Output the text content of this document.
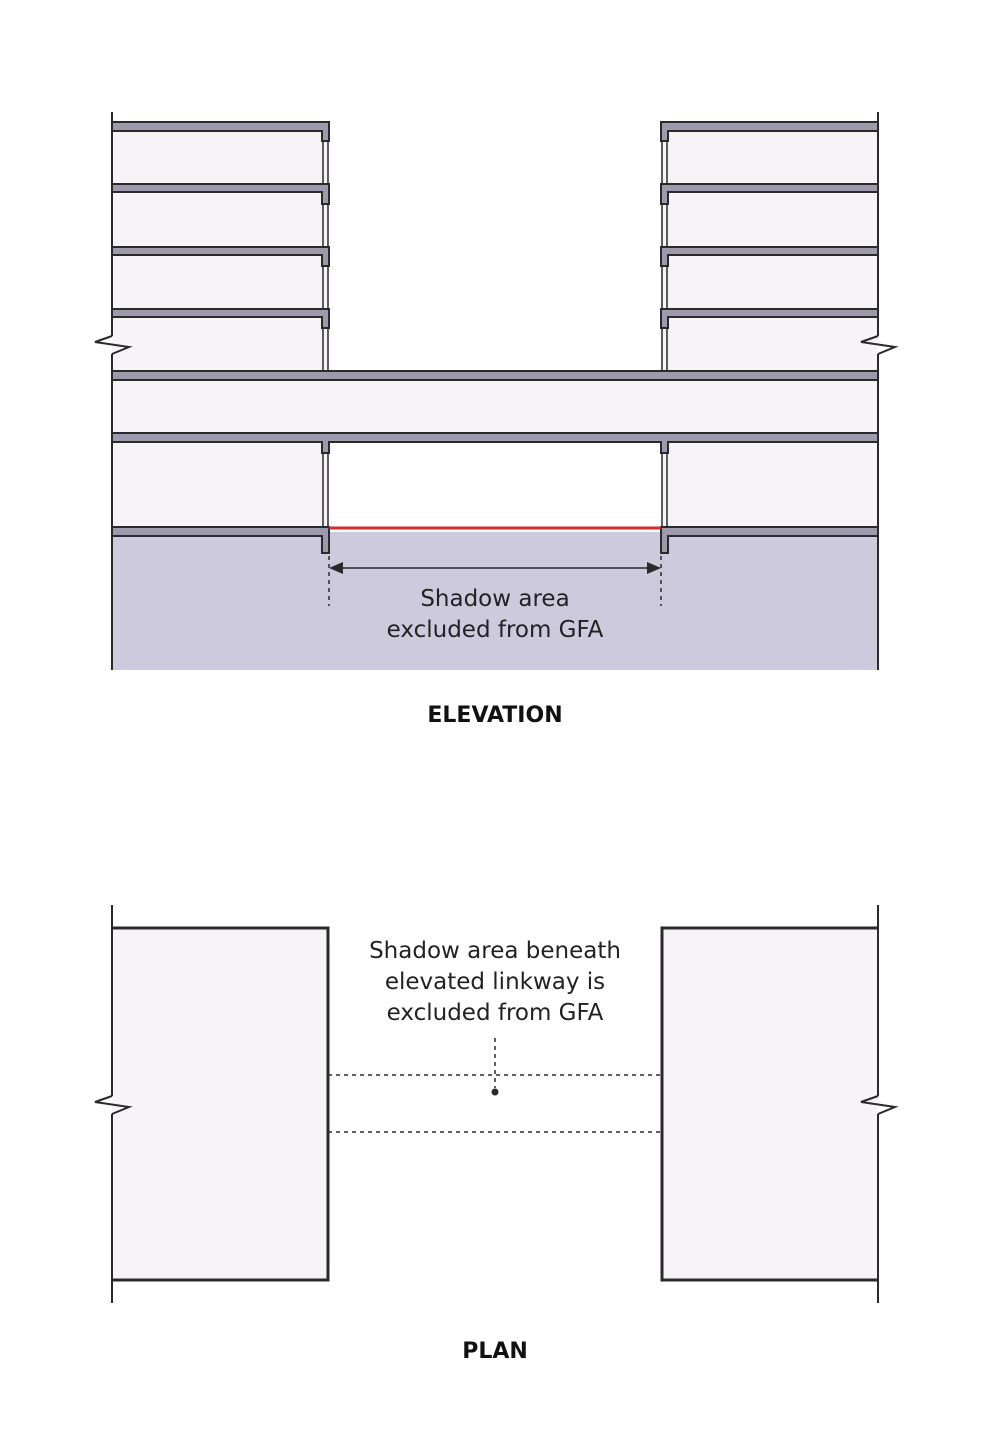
Shadow area
excluded from GFA
ELEVATION
Shadow area beneath
elevated linkway is
excluded from GFA
PLAN
